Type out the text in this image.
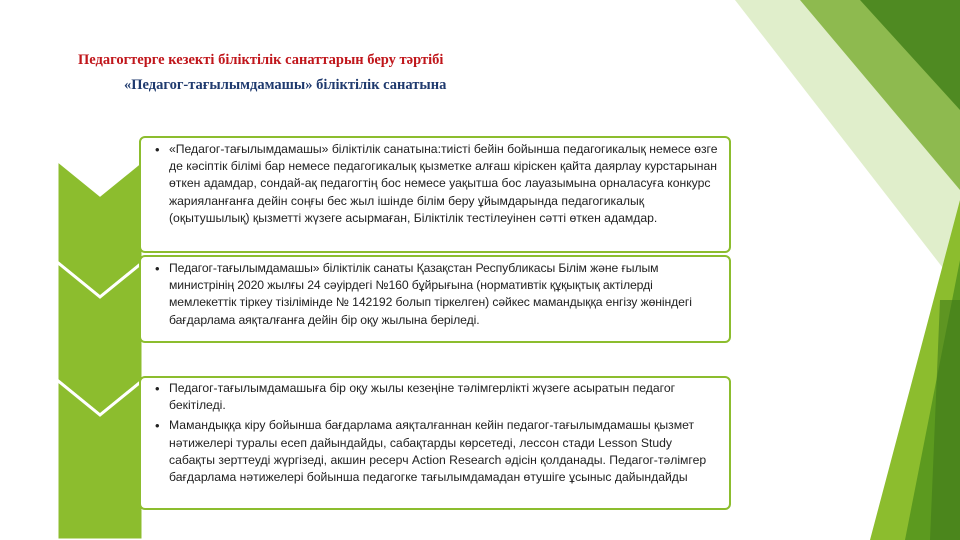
Педагогтерге кезекті біліктілік санаттарын беру тәртібі
«Педагог-тағылымдамашы» біліктілік санатына
• «Педагог-тағылымдамашы» біліктілік санатына:тиісті бейін бойынша педагогикалық немесе өзге де кәсіптік білімі бар немесе педагогикалық қызметке алғаш кірісκен қайта даярлау курстарынан өткен адамдар, сондай-ақ педагогтің бос немесе уақытша бос лауазымына орналасуға конкурс жарияланғанға дейін соңғы бес жыл ішінде білім беру ұйымдарында педагогикалық (оқытушылық) қызметті жүзеге асырмаған, Біліктілік тестілеуінен сәтті өткен адамдар.
• Педагог-тағылымдамашы» біліктілік санаты Қазақстан Республикасы Білім және ғылым министрінің 2020 жылғы 24 сәуірдегі №160 бұйрығына (нормативтік құқықтық актілерді мемлекеттік тіркеу тізілімінде № 142192 болып тіркелген) сәйкес мамандыққа енгізу жөніндегі бағдарлама аяқталғанға дейін бір оқу жылына беріледі.
• Педагог-тағылымдамашыға бір оқу жылы кезеңіне тәлімгерлікті жүзеге асыратын педагог бекітіледі.
• Мамандыққа кіру бойынша бағдарлама аяқталғаннан кейін педагог-тағылымдамашы қызмет нәтижелері туралы есеп дайындайды, сабақтарды көрсетеді, лессон стади Lesson Study сабақты зерттеуді жүргізеді, акшин ресерч Action Research әдісін қолданады. Педагог-тәлімгер бағдарлама нәтижелері бойынша педагогке тағылымдамадан өтушіге ұсыныс дайындайды
